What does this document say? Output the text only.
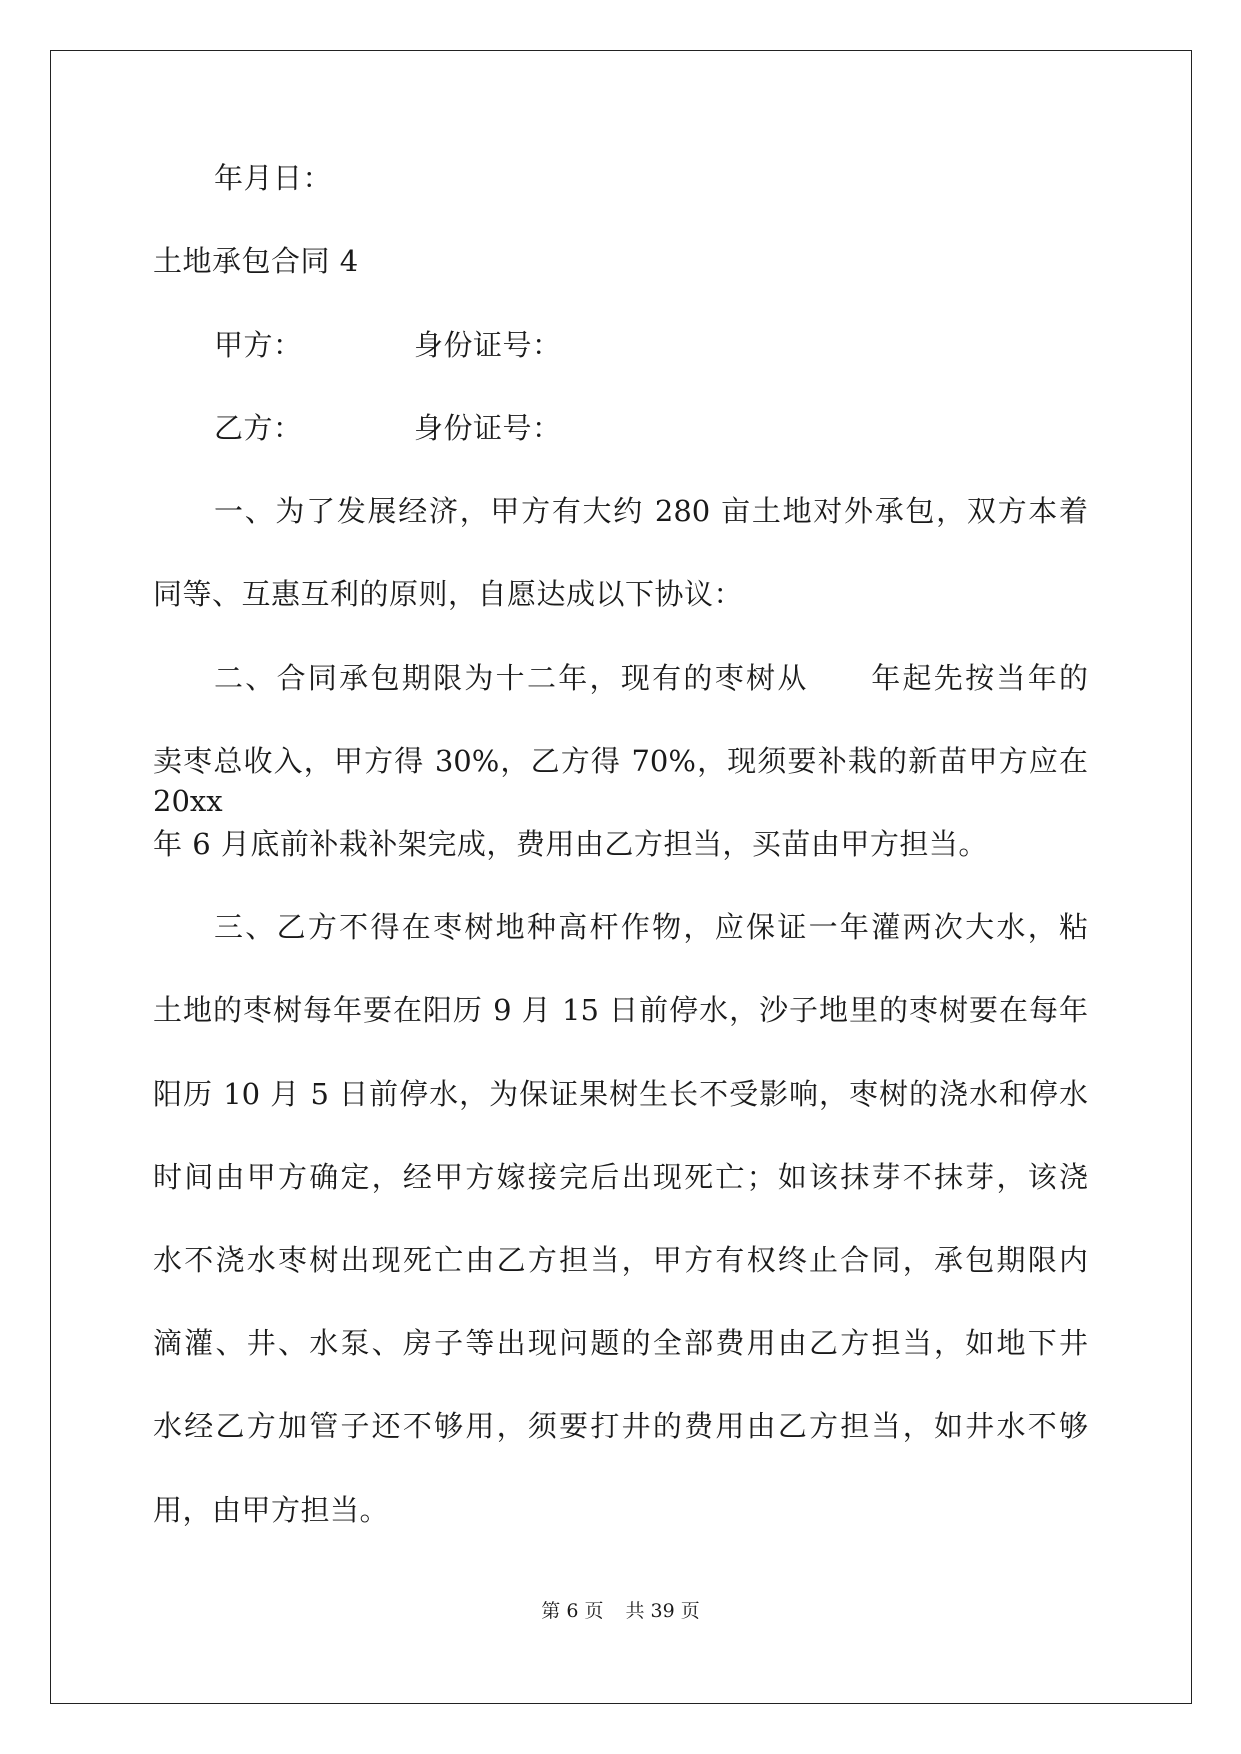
年月日：
土地承包合同 4
甲方：	身份证号：
乙方：	身份证号：
一、为了发展经济，甲方有大约 280 亩土地对外承包，双方本着
同等、互惠互利的原则，自愿达成以下协议：
二、合同承包期限为十二年，现有的枣树从　　年起先按当年的
卖枣总收入，甲方得 30%，乙方得 70%，现须要补栽的新苗甲方应在 20xx
年 6 月底前补栽补架完成，费用由乙方担当，买苗由甲方担当。
三、乙方不得在枣树地种高杆作物，应保证一年灌两次大水，粘
土地的枣树每年要在阳历 9 月 15 日前停水，沙子地里的枣树要在每年
阳历 10 月 5 日前停水，为保证果树生长不受影响，枣树的浇水和停水
时间由甲方确定，经甲方嫁接完后出现死亡；如该抹芽不抹芽，该浇
水不浇水枣树出现死亡由乙方担当，甲方有权终止合同，承包期限内
滴灌、井、水泵、房子等出现问题的全部费用由乙方担当，如地下井
水经乙方加管子还不够用，须要打井的费用由乙方担当，如井水不够
用，由甲方担当。
第 6 页 共 39 页
